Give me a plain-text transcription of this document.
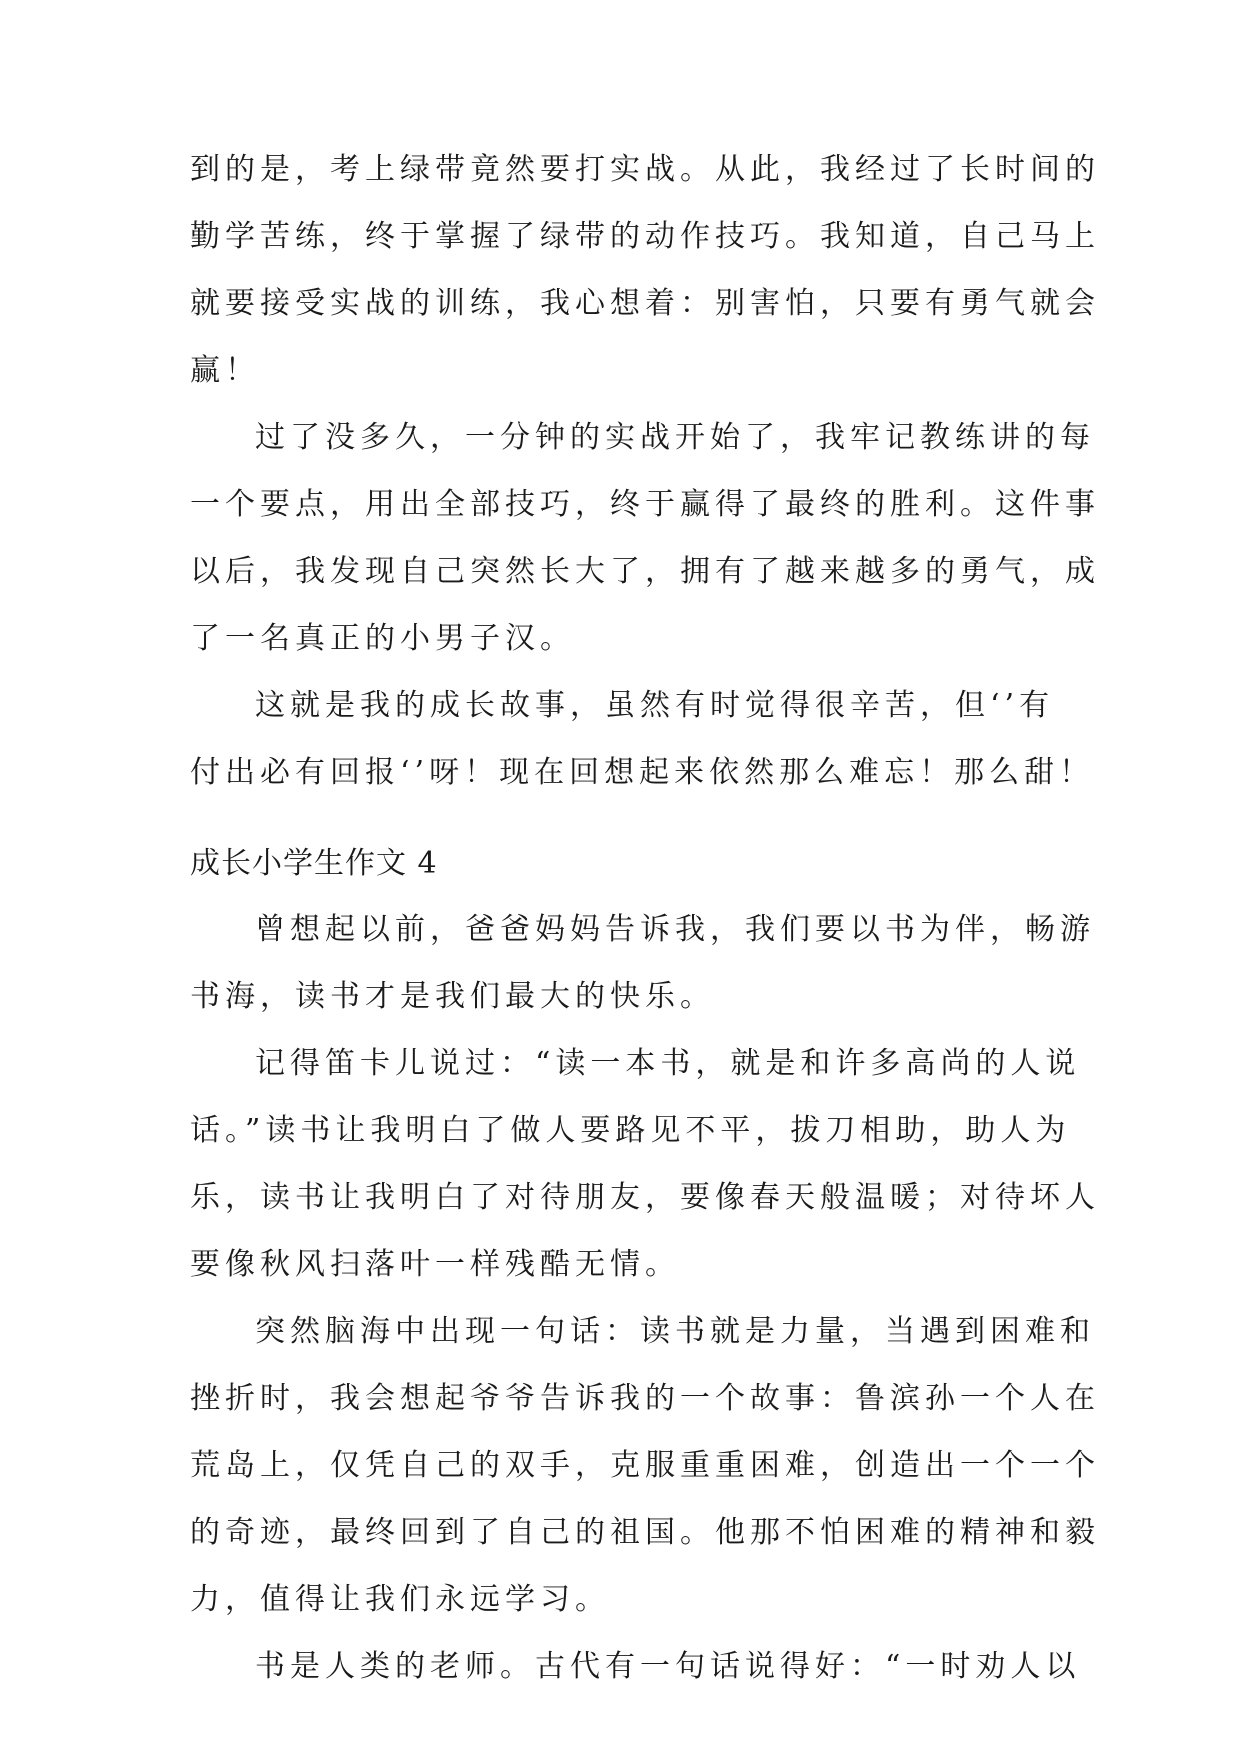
到的是，考上绿带竟然要打实战。从此，我经过了长时间的
勤学苦练，终于掌握了绿带的动作技巧。我知道，自己马上
就要接受实战的训练，我心想着：别害怕，只要有勇气就会
赢！
过了没多久，一分钟的实战开始了，我牢记教练讲的每
一个要点，用出全部技巧，终于赢得了最终的胜利。这件事
以后，我发现自己突然长大了，拥有了越来越多的勇气，成
了一名真正的小男子汉。
这就是我的成长故事，虽然有时觉得很辛苦，但‘’有
付出必有回报‘’呀！现在回想起来依然那么难忘！那么甜！
成长小学生作文 4
曾想起以前，爸爸妈妈告诉我，我们要以书为伴，畅游
书海，读书才是我们最大的快乐。
记得笛卡儿说过：“读一本书，就是和许多高尚的人说
话。”读书让我明白了做人要路见不平，拔刀相助，助人为
乐，读书让我明白了对待朋友，要像春天般温暖；对待坏人
要像秋风扫落叶一样残酷无情。
突然脑海中出现一句话：读书就是力量，当遇到困难和
挫折时，我会想起爷爷告诉我的一个故事：鲁滨孙一个人在
荒岛上，仅凭自己的双手，克服重重困难，创造出一个一个
的奇迹，最终回到了自己的祖国。他那不怕困难的精神和毅
力，值得让我们永远学习。
书是人类的老师。古代有一句话说得好：“一时劝人以
